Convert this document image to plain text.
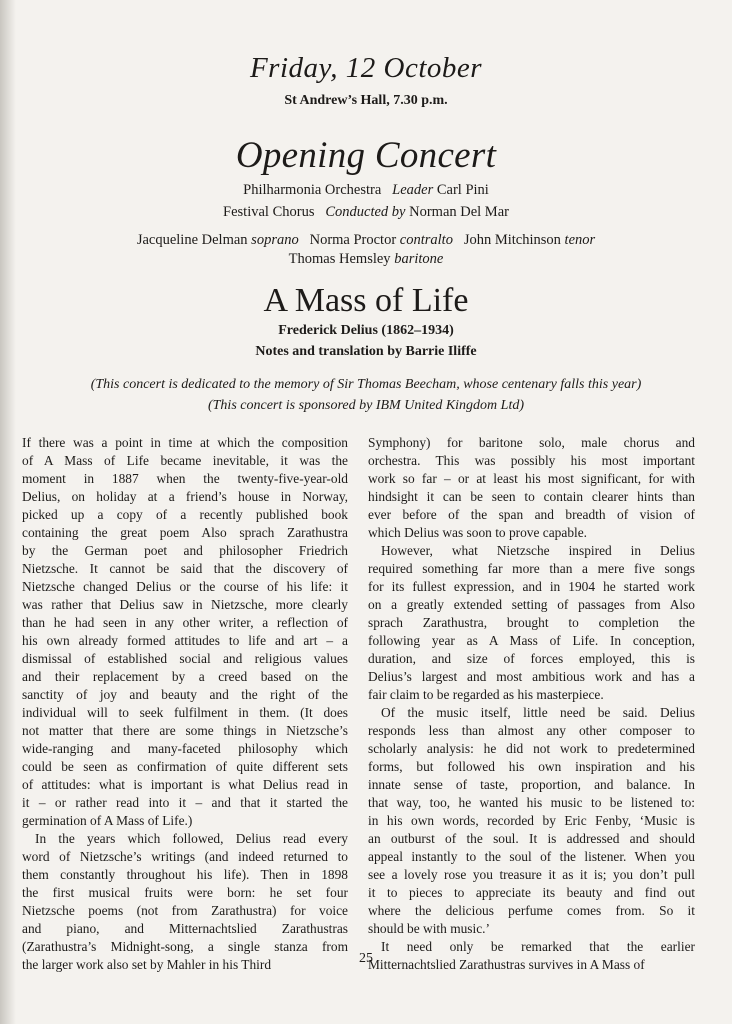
Friday, 12 October
St Andrew’s Hall, 7.30 p.m.
Opening Concert
Philharmonia Orchestra Leader Carl Pini
Festival Chorus Conducted by Norman Del Mar
Jacqueline Delman soprano Norma Proctor contralto John Mitchinson tenor
Thomas Hemsley baritone
A Mass of Life
Frederick Delius (1862–1934)
Notes and translation by Barrie Iliffe
(This concert is dedicated to the memory of Sir Thomas Beecham, whose centenary falls this year)
(This concert is sponsored by IBM United Kingdom Ltd)
If there was a point in time at which the composition
of A Mass of Life became inevitable, it was the
moment in 1887 when the twenty-five-year-old
Delius, on holiday at a friend’s house in Norway,
picked up a copy of a recently published book
containing the great poem Also sprach Zarathustra
by the German poet and philosopher Friedrich
Nietzsche. It cannot be said that the discovery of
Nietzsche changed Delius or the course of his life: it
was rather that Delius saw in Nietzsche, more clearly
than he had seen in any other writer, a reflection of
his own already formed attitudes to life and art – a
dismissal of established social and religious values
and their replacement by a creed based on the
sanctity of joy and beauty and the right of the
individual will to seek fulfilment in them. (It does
not matter that there are some things in Nietzsche’s
wide-ranging and many-faceted philosophy which
could be seen as confirmation of quite different sets
of attitudes: what is important is what Delius read in
it – or rather read into it – and that it started the
germination of A Mass of Life.)
In the years which followed, Delius read every
word of Nietzsche’s writings (and indeed returned to
them constantly throughout his life). Then in 1898
the first musical fruits were born: he set four
Nietzsche poems (not from Zarathustra) for voice
and piano, and Mitternachtslied Zarathustras
(Zarathustra’s Midnight-song, a single stanza from
the larger work also set by Mahler in his Third
Symphony) for baritone solo, male chorus and
orchestra. This was possibly his most important
work so far – or at least his most significant, for with
hindsight it can be seen to contain clearer hints than
ever before of the span and breadth of vision of
which Delius was soon to prove capable.
However, what Nietzsche inspired in Delius
required something far more than a mere five songs
for its fullest expression, and in 1904 he started work
on a greatly extended setting of passages from Also
sprach Zarathustra, brought to completion the
following year as A Mass of Life. In conception,
duration, and size of forces employed, this is
Delius’s largest and most ambitious work and has a
fair claim to be regarded as his masterpiece.
Of the music itself, little need be said. Delius
responds less than almost any other composer to
scholarly analysis: he did not work to predetermined
forms, but followed his own inspiration and his
innate sense of taste, proportion, and balance. In
that way, too, he wanted his music to be listened to:
in his own words, recorded by Eric Fenby, ‘Music is
an outburst of the soul. It is addressed and should
appeal instantly to the soul of the listener. When you
see a lovely rose you treasure it as it is; you don’t pull
it to pieces to appreciate its beauty and find out
where the delicious perfume comes from. So it
should be with music.’
It need only be remarked that the earlier
Mitternachtslied Zarathustras survives in A Mass of
25
